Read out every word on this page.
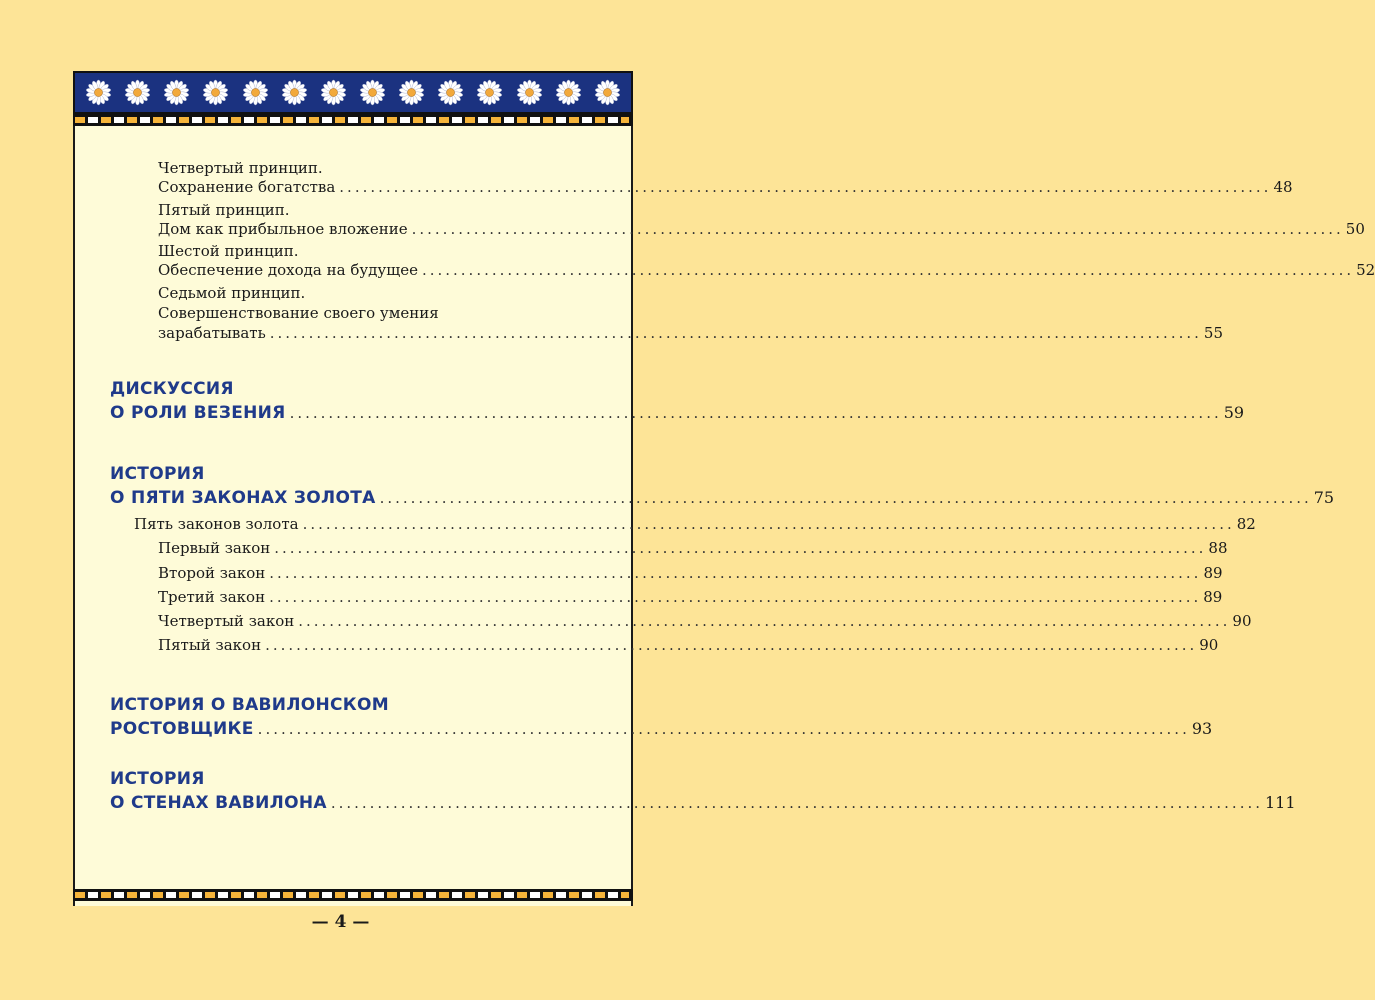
Четвертый принцип.
Сохранение богатства ........................................................................................................................ 48
Пятый принцип.
Дом как прибыльное вложение ........................................................................................................................ 50
Шестой принцип.
Обеспечение дохода на будущее ........................................................................................................................ 52
Седьмой принцип.
Совершенствование своего умения
зарабатывать ........................................................................................................................ 55
ДИСКУССИЯ
О РОЛИ ВЕЗЕНИЯ ........................................................................................................................ 59
ИСТОРИЯ
О ПЯТИ ЗАКОНАХ ЗОЛОТА ........................................................................................................................ 75
Пять законов золота ........................................................................................................................ 82
Первый закон ........................................................................................................................ 88
Второй закон ........................................................................................................................ 89
Третий закон ........................................................................................................................ 89
Четвертый закон ........................................................................................................................ 90
Пятый закон ........................................................................................................................ 90
ИСТОРИЯ О ВАВИЛОНСКОМ
РОСТОВЩИКЕ ........................................................................................................................ 93
ИСТОРИЯ
О СТЕНАХ ВАВИЛОНА ........................................................................................................................ 111
— 4 —
